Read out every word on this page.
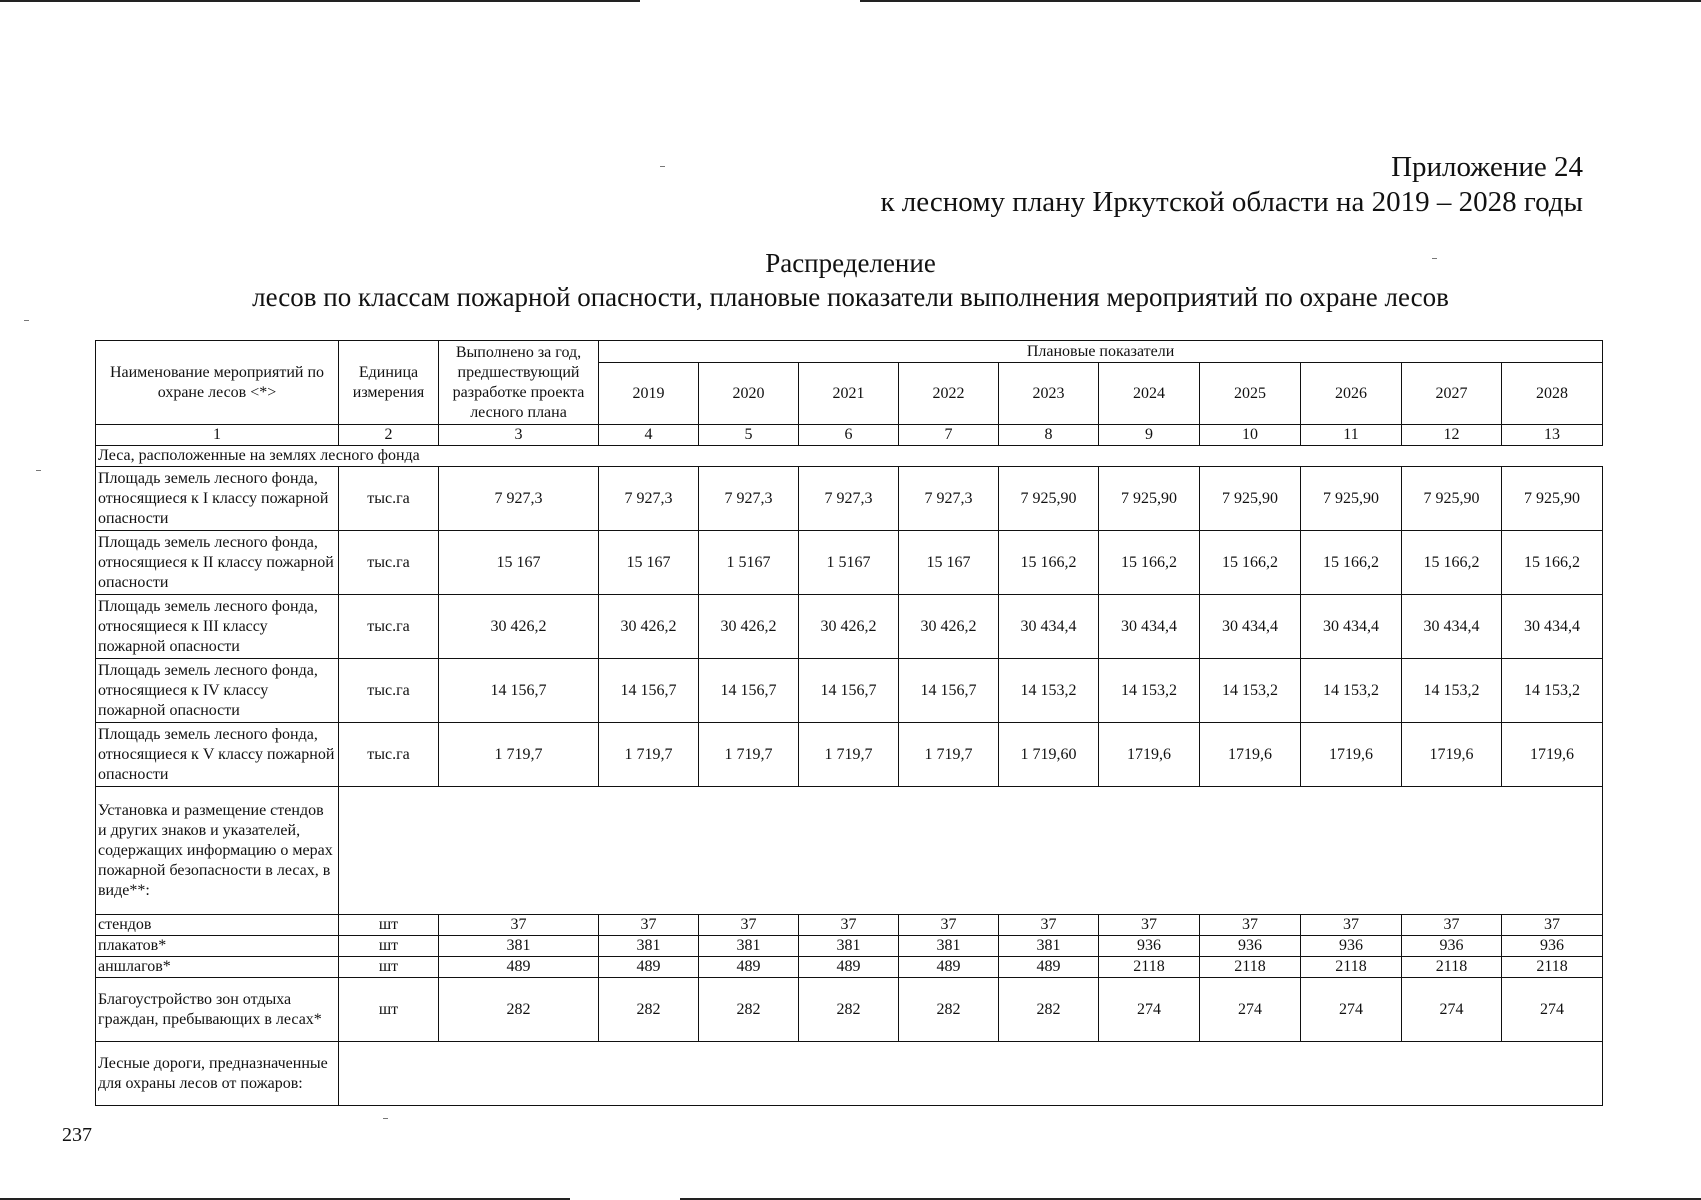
Приложение 24
к лесному плану Иркутской области на 2019 – 2028 годы
Распределение
лесов по классам пожарной опасности, плановые показатели выполнения мероприятий по охране лесов
Наименование мероприятий по охране лесов <*>	Единица измерения	Выполнено за год, предшествующий разработке проекта лесного плана	Плановые показатели									
			2019	2020	2021	2022	2023	2024	2025	2026	2027	2028
1	2	3	4	5	6	7	8	9	10	11	12	13
Леса, расположенные на землях лесного фонда												
Площадь земель лесного фонда, относящиеся к I классу пожарной опасности	тыс.га	7 927,3	7 927,3	7 927,3	7 927,3	7 927,3	7 925,90	7 925,90	7 925,90	7 925,90	7 925,90	7 925,90
Площадь земель лесного фонда, относящиеся к II классу пожарной опасности	тыс.га	15 167	15 167	1 5167	1 5167	15 167	15 166,2	15 166,2	15 166,2	15 166,2	15 166,2	15 166,2
Площадь земель лесного фонда, относящиеся к III классу пожарной опасности	тыс.га	30 426,2	30 426,2	30 426,2	30 426,2	30 426,2	30 434,4	30 434,4	30 434,4	30 434,4	30 434,4	30 434,4
Площадь земель лесного фонда, относящиеся к IV классу пожарной опасности	тыс.га	14 156,7	14 156,7	14 156,7	14 156,7	14 156,7	14 153,2	14 153,2	14 153,2	14 153,2	14 153,2	14 153,2
Площадь земель лесного фонда, относящиеся к V классу пожарной опасности	тыс.га	1 719,7	1 719,7	1 719,7	1 719,7	1 719,7	1 719,60	1719,6	1719,6	1719,6	1719,6	1719,6
Установка и размещение стендов и других знаков и указателей, содержащих информацию о мерах пожарной безопасности в лесах, в виде**:												
стендов	шт	37	37	37	37	37	37	37	37	37	37	37
плакатов*	шт	381	381	381	381	381	381	936	936	936	936	936
аншлагов*	шт	489	489	489	489	489	489	2118	2118	2118	2118	2118
Благоустройство зон отдыха граждан, пребывающих в лесах*	шт	282	282	282	282	282	282	274	274	274	274	274
Лесные дороги, предназначенные для охраны лесов от пожаров:												
237
